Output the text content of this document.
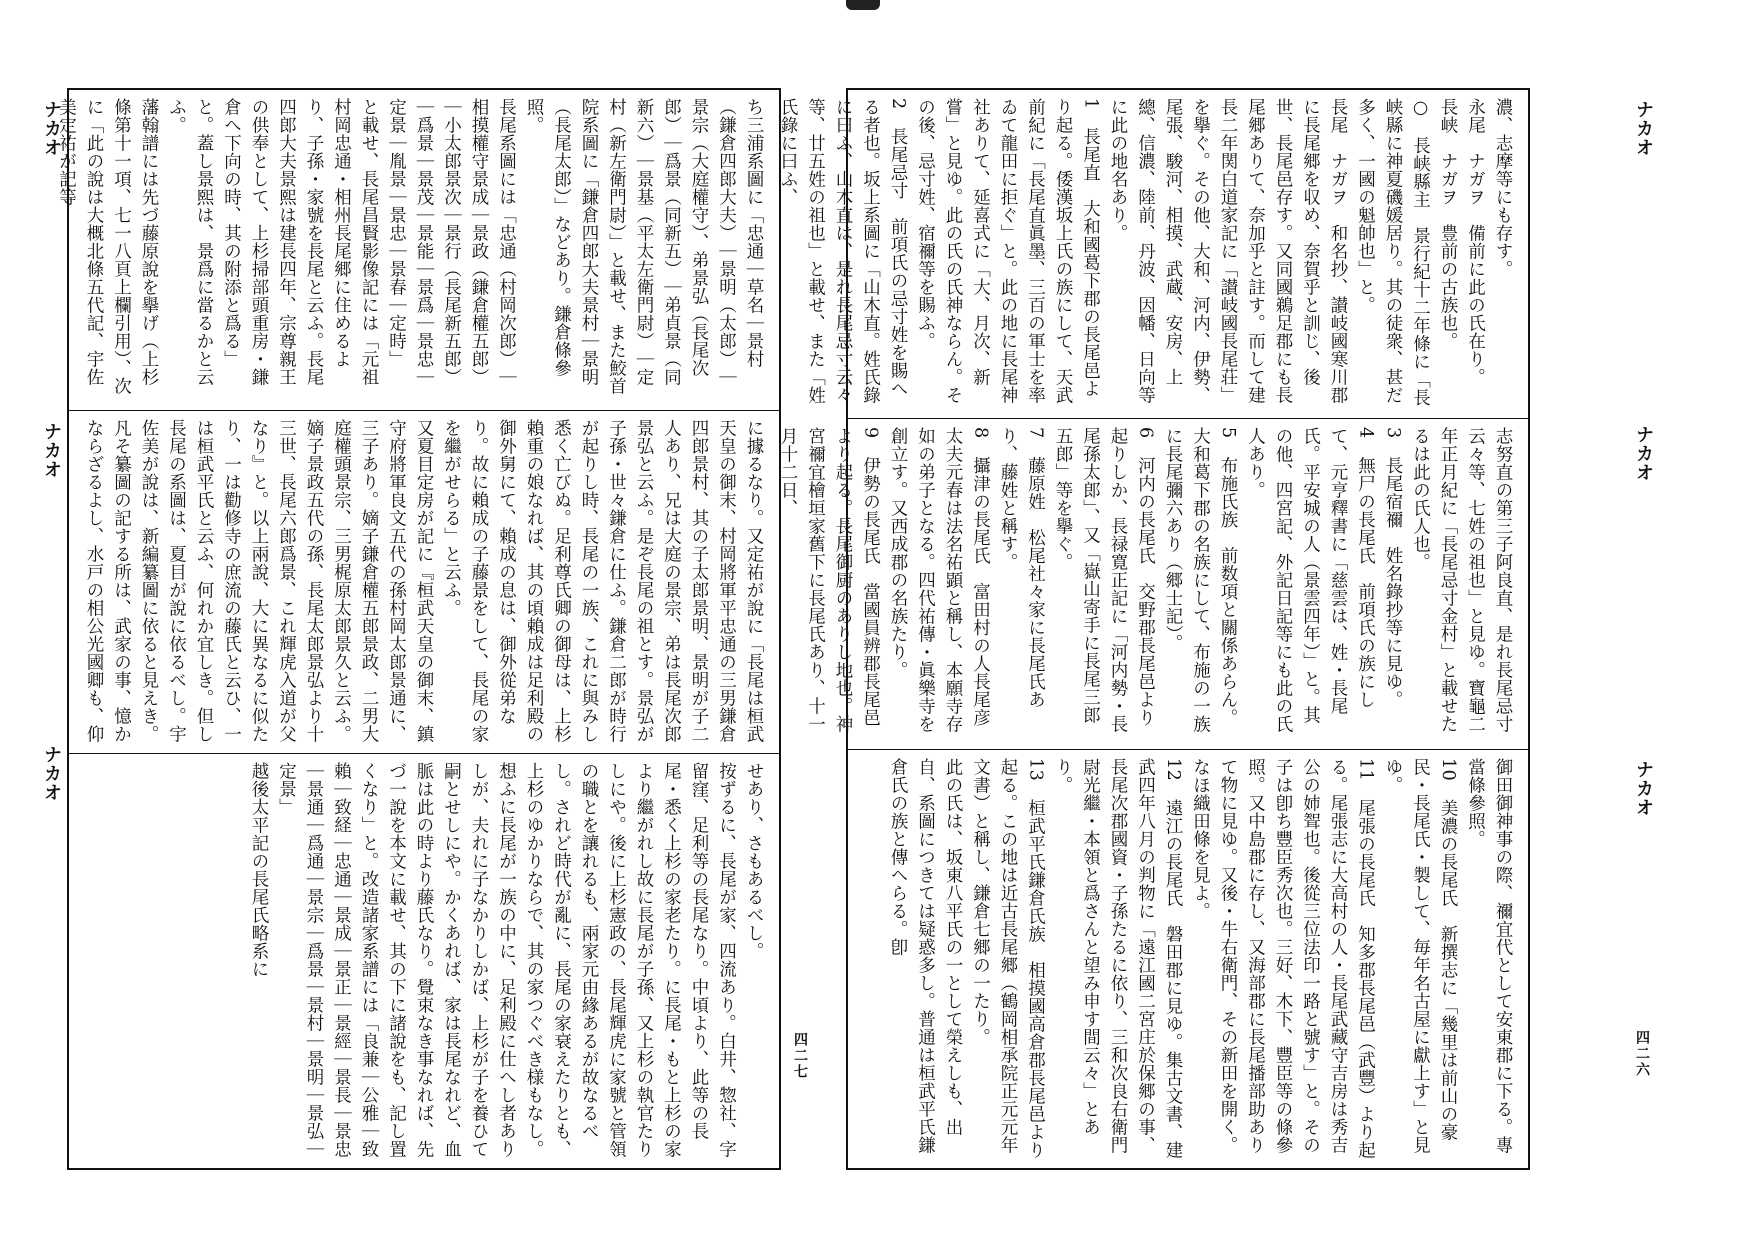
ち三浦系圖に「忠通｜草名｜景村（鎌倉四郎大夫）｜景明（太郎）｜景宗（大庭權守）、弟景弘（長尾次郎）｜爲景（同新五）｜弟貞景（同新六）｜景基（平太左衛門尉）｜定村（新左衛門尉）」と載せ、また鮫首院系圖に「鎌倉四郎大夫景村｜景明（長尾太郎）」などあり。鎌倉條參照。
長尾系圖には「忠通（村岡次郎）｜相摸權守景成｜景政（鎌倉權五郎）｜小太郎景次｜景行（長尾新五郎）｜爲景｜景茂｜景能｜景爲｜景忠｜定景｜胤景｜景忠｜景春｜定時」
と載せ、長尾昌賢影像記には「元祖村岡忠通・相州長尾郷に住めるより、子孫・家號を長尾と云ふ。長尾四郎大夫景熙は建長四年、宗尊親王の供奉として、上杉掃部頭重房・鎌倉へ下向の時、其の附添と爲る」と。蓋し景熙は、景爲に當るかと云ふ。
藩翰譜には先づ藤原說を擧げ（上杉條第十一項、七一八頁上欄引用）、次に「此の說は大概北條五代記、宇佐美定祐が記等
に據るなり。又定祐が說に「長尾は桓武天皇の御末、村岡將軍平忠通の三男鎌倉四郎景村、其の子太郎景明、景明が子二人あり、兄は大庭の景宗、弟は長尾次郎景弘と云ふ。是ぞ長尾の祖とす。景弘が子孫・世々鎌倉に仕ふ。鎌倉二郎が時行が起りし時、長尾の一族、これに與みし悉く亡びぬ。足利尊氏卿の御母は、上杉賴重の娘なれば、其の頃賴成は足利殿の御外舅にて、賴成の息は、御外從弟なり。故に賴成の子藤景をして、長尾の家を繼がせらる」と云ふ。
又夏目定房が記に『桓武天皇の御末、鎮守府將軍良文五代の孫村岡太郎景通に、三子あり。嫡子鎌倉權五郎景政、二男大庭權頭景宗、三男梶原太郎景久と云ふ。嫡子景政五代の孫、長尾太郎景弘より十三世、長尾六郎爲景、これ輝虎入道が父なり』と。以上兩說、大に異なるに似たり、一は勸修寺の庶流の藤氏と云ひ、一は桓武平氏と云ふ、何れか宜しき。但し長尾の系圖は、夏目が說に依るべし。宇佐美が說は、新編纂圖に依ると見えき。凡そ纂圖の記する所は、武家の事、憶かならざるよし、水戸の相公光國卿も、仰
せあり、さもあるべし。
按ずるに、長尾が家、四流あり。白井、惣社、字留窪、足利等の長尾なり。中頃より、此等の長尾・悉く上杉の家老たり。に長尾・もと上杉の家より繼がれし故に長尾が子孫、又上杉の執官たりしにや。後に上杉憲政の、長尾輝虎に家號と管領の職とを讓れるも、兩家元由緣あるが故なるべし。されど時代が亂に、長尾の家衰えたりとも、上杉のゆかりならで、其の家つぐべき様もなし。想ふに長尾が一族の中に、足利殿に仕へし者ありしが、夫れに子なかりしかば、上杉が子を養ひて嗣とせしにや。かくあれば、家は長尾なれど、血脈は此の時より藤氏なり。覺束なき事なれば、先づ一說を本文に載せ、其の下に諸說をも、記し置くなり」と。改造諸家系譜には「良兼｜公雅｜致賴｜致経｜忠通｜景成｜景正｜景經｜景長｜景忠｜景通｜爲通｜景宗｜爲景｜景村｜景明｜景弘｜定景」
越後太平記の長尾氏略系に
ナカオ
ナカオ
ナカオ
四二七
濃、志摩等にも存す。
永尾　ナガヲ　備前に此の氏在り。
長峡　ナガヲ　豊前の古族也。
○　長峡縣主　景行紀十二年條に「長峡縣に神夏磯媛居り。其の徒衆、甚だ多く、一國の魁帥也」と。
長尾　ナガヲ　和名抄、讃岐國寒川郡に長尾郷を収め、奈賀乎と訓じ、後世、長尾邑存す。又同國鵜足郡にも長尾郷ありて、奈加乎と註す。而して建長二年関白道家記に「讃岐國長尾荘」を擧ぐ。その他、大和、河内、伊勢、尾張、駿河、相摸、武蔵、安房、上總、信濃、陸前、丹波、因幡、日向等に此の地名あり。
1　長尾直　大和國葛下郡の長尾邑より起る。倭漢坂上氏の族にして、天武前紀に「長尾直眞墨、三百の軍士を率ゐて龍田に拒ぐ」と。此の地に長尾神社ありて、延喜式に「大、月次、新嘗」と見ゆ。此の氏の氏神ならん。その後、忌寸姓、宿禰等を賜ふ。
2　長尾忌寸　前項氏の忌寸姓を賜へる者也。坂上系圖に「山木直。姓氏錄に曰ふ、山木直は、是れ長尾忌寸云々等、廿五姓の祖也」と載せ、また「姓氏錄に曰ふ、
志努直の第三子阿良直、是れ長尾忌寸云々等、七姓の祖也」と見ゆ。寶龜二年正月紀に「長尾忌寸金村」と載せたるは此の氏人也。
3　長尾宿禰　姓名錄抄等に見ゆ。
4　無尸の長尾氏　前項氏の族にして、元亨釋書に「慈雲は、姓・長尾氏。平安城の人（景雲四年）」と。其の他、四宮記、外記日記等にも此の氏人あり。
5　布施氏族　前数項と關係あらん。大和葛下郡の名族にして、布施の一族に長尾彌六あり（郷士記）。
6　河内の長尾氏　交野郡長尾邑より起りしか、長禄寛正記に「河内勢・長尾孫太郎」、又「嶽山寄手に長尾三郎五郎」等を擧ぐ。
7　藤原姓　松尾社々家に長尾氏あり、藤姓と稱す。
8　攝津の長尾氏　富田村の人長尾彦太夫元春は法名祐顕と稱し、本願寺存如の弟子となる。四代祐傳・眞樂寺を創立す。又西成郡の名族たり。
9　伊勢の長尾氏　當國員辨郡長尾邑より起る。長尾御厨のありし地也。神宮禰宜檜垣家舊下に長尾氏あり、十一月十二日、
御田御神事の際、禰宜代として安東郡に下る。專當條參照。
10　美濃の長尾氏　新撰志に「幾里は前山の豪民・長尾氏・製して、毎年名古屋に獻上す」と見ゆ。
11　尾張の長尾氏　知多郡長尾邑（武豐）より起る。尾張志に大高村の人・長尾武藏守吉房は秀吉公の姉聟也。後從三位法印一路と號す」と。その子は卽ち豐臣秀次也。三好、木下、豐臣等の條參照。又中島郡に存し、又海部郡に長尾播部助ありて物に見ゆ。又後・牛右衛門、その新田を開く。なほ織田條を見よ。
12　遠江の長尾氏　磐田郡に見ゆ。集古文書、建武四年八月の判物に「遠江國二宮庄於保郷の事、長尾次郡國資・子孫たるに依り、三和次良右衛門尉光繼・本領と爲さんと望み申す間云々」とあり。
13　桓武平氏鎌倉氏族　相摸國高倉郡長尾邑より起る。この地は近古長尾郷（鶴岡相承院正元元年文書）と稱し、鎌倉七郷の一たり。
此の氏は、坂東八平氏の一として榮えしも、出自、系圖につきては疑惑多し。普通は桓武平氏鎌倉氏の族と傳へらる。卽
ナカオ
ナカオ
ナカオ
四二六
